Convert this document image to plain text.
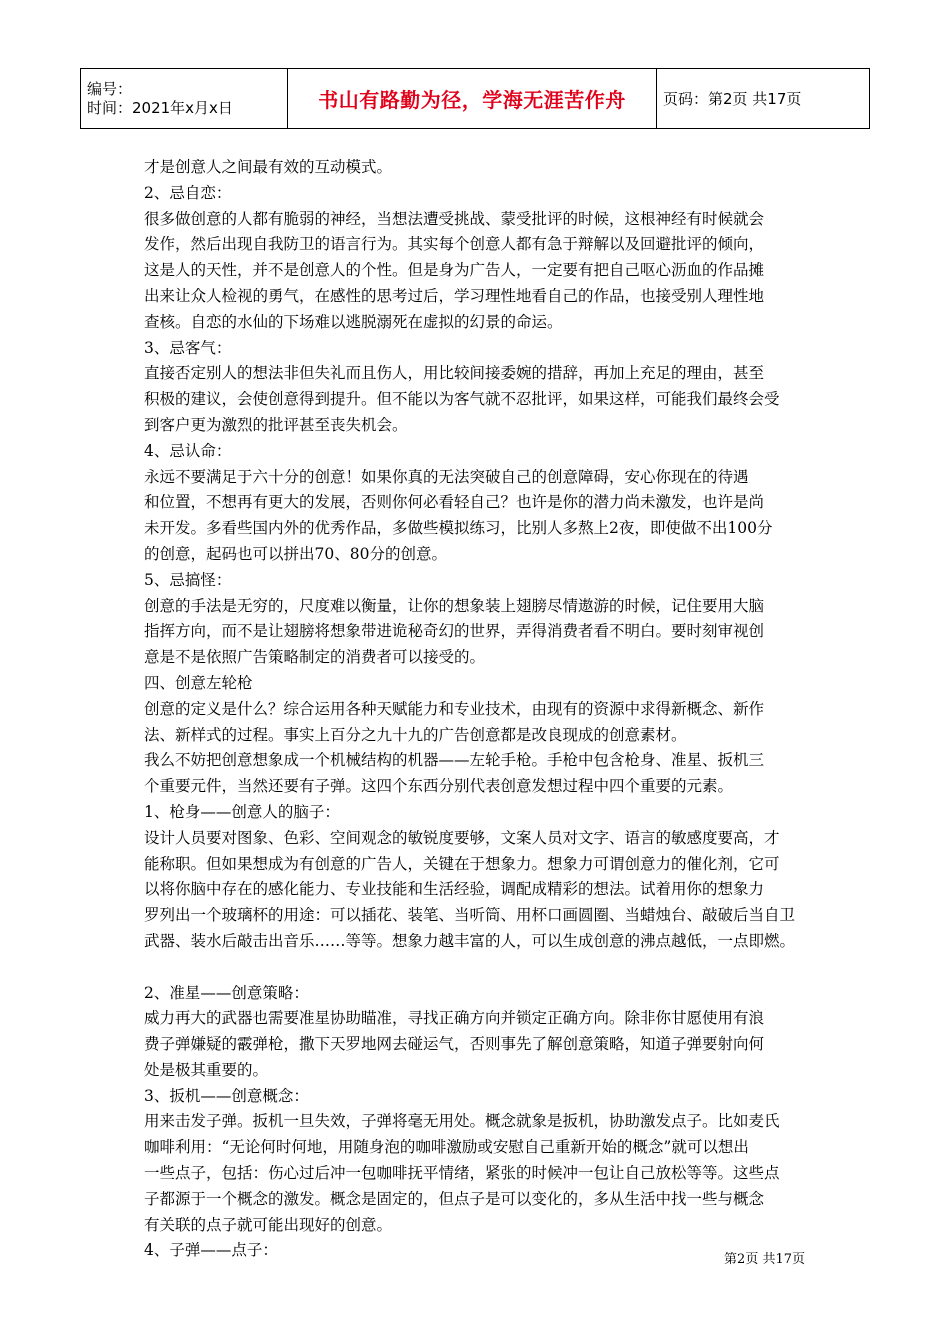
编号：
时间：2021年x月x日	书山有路勤为径，学海无涯苦作舟	页码：第2页 共17页

才是创意人之间最有效的互动模式。

2、忌自恋：

很多做创意的人都有脆弱的神经，当想法遭受挑战、蒙受批评的时候，这根神经有时候就会

发作，然后出现自我防卫的语言行为。其实每个创意人都有急于辩解以及回避批评的倾向，

这是人的天性，并不是创意人的个性。但是身为广告人，一定要有把自己呕心沥血的作品摊

出来让众人检视的勇气，在感性的思考过后，学习理性地看自己的作品，也接受别人理性地

查核。自恋的水仙的下场难以逃脱溺死在虚拟的幻景的命运。

3、忌客气：

直接否定别人的想法非但失礼而且伤人，用比较间接委婉的措辞，再加上充足的理由，甚至

积极的建议，会使创意得到提升。但不能以为客气就不忍批评，如果这样，可能我们最终会受

到客户更为激烈的批评甚至丧失机会。

4、忌认命：

永远不要满足于六十分的创意！如果你真的无法突破自己的创意障碍，安心你现在的待遇

和位置，不想再有更大的发展，否则你何必看轻自己？也许是你的潜力尚未激发，也许是尚

未开发。多看些国内外的优秀作品，多做些模拟练习，比别人多熬上2夜，即使做不出100分

的创意，起码也可以拼出70、80分的创意。

5、忌搞怪：

创意的手法是无穷的，尺度难以衡量，让你的想象装上翅膀尽情遨游的时候，记住要用大脑

指挥方向，而不是让翅膀将想象带进诡秘奇幻的世界，弄得消费者看不明白。要时刻审视创

意是不是依照广告策略制定的消费者可以接受的。

四、创意左轮枪

创意的定义是什么？综合运用各种天赋能力和专业技术，由现有的资源中求得新概念、新作

法、新样式的过程。事实上百分之九十九的广告创意都是改良现成的创意素材。

我么不妨把创意想象成一个机械结构的机器——左轮手枪。手枪中包含枪身、准星、扳机三

个重要元件，当然还要有子弹。这四个东西分别代表创意发想过程中四个重要的元素。

1、枪身——创意人的脑子：

设计人员要对图象、色彩、空间观念的敏锐度要够，文案人员对文字、语言的敏感度要高，才

能称职。但如果想成为有创意的广告人，关键在于想象力。想象力可谓创意力的催化剂，它可

以将你脑中存在的感化能力、专业技能和生活经验，调配成精彩的想法。试着用你的想象力

罗列出一个玻璃杯的用途：可以插花、装笔、当听筒、用杯口画圆圈、当蜡烛台、敲破后当自卫

武器、装水后敲击出音乐……等等。想象力越丰富的人，可以生成创意的沸点越低，一点即燃。

2、准星——创意策略：

威力再大的武器也需要准星协助瞄准，寻找正确方向并锁定正确方向。除非你甘愿使用有浪

费子弹嫌疑的霰弹枪，撒下天罗地网去碰运气，否则事先了解创意策略，知道子弹要射向何

处是极其重要的。

3、扳机——创意概念：

用来击发子弹。扳机一旦失效，子弹将毫无用处。概念就象是扳机，协助激发点子。比如麦氏

咖啡利用：“无论何时何地，用随身泡的咖啡激励或安慰自己重新开始的概念”就可以想出

一些点子，包括：伤心过后冲一包咖啡抚平情绪，紧张的时候冲一包让自己放松等等。这些点

子都源于一个概念的激发。概念是固定的，但点子是可以变化的，多从生活中找一些与概念

有关联的点子就可能出现好的创意。

4、子弹——点子：

第2页 共17页
